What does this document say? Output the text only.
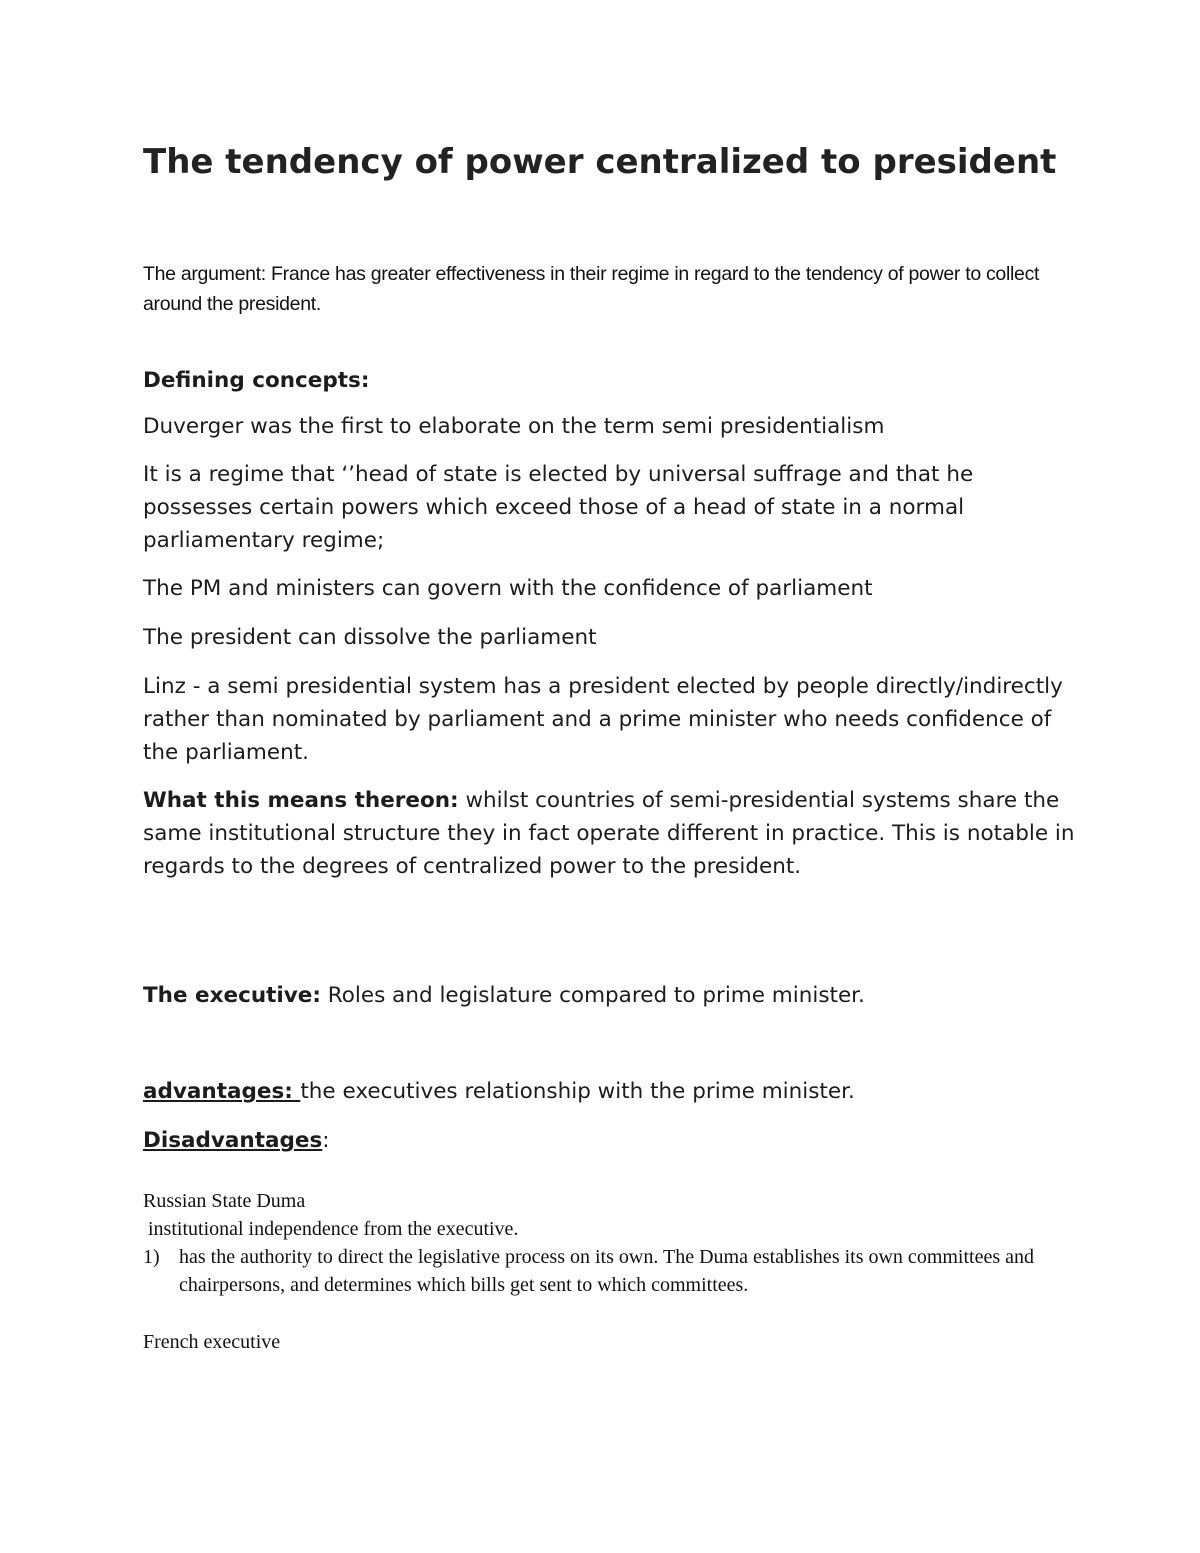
The tendency of power centralized to president

The argument: France has greater effectiveness in their regime in regard to the tendency of power to collect around the president.

Defining concepts:

Duverger was the first to elaborate on the term semi presidentialism

It is a regime that ‘’head of state is elected by universal suffrage and that he possesses certain powers which exceed those of a head of state in a normal parliamentary regime;

The PM and ministers can govern with the confidence of parliament

The president can dissolve the parliament

Linz - a semi presidential system has a president elected by people directly/indirectly rather than nominated by parliament and a prime minister who needs confidence of the parliament.

What this means thereon: whilst countries of semi-presidential systems share the same institutional structure they in fact operate different in practice. This is notable in regards to the degrees of centralized power to the president.

The executive: Roles and legislature compared to prime minister.

advantages: the executives relationship with the prime minister.

Disadvantages:

Russian State Duma

institutional independence from the executive.

1) has the authority to direct the legislative process on its own. The Duma establishes its own committees and chairpersons, and determines which bills get sent to which committees.

French executive
